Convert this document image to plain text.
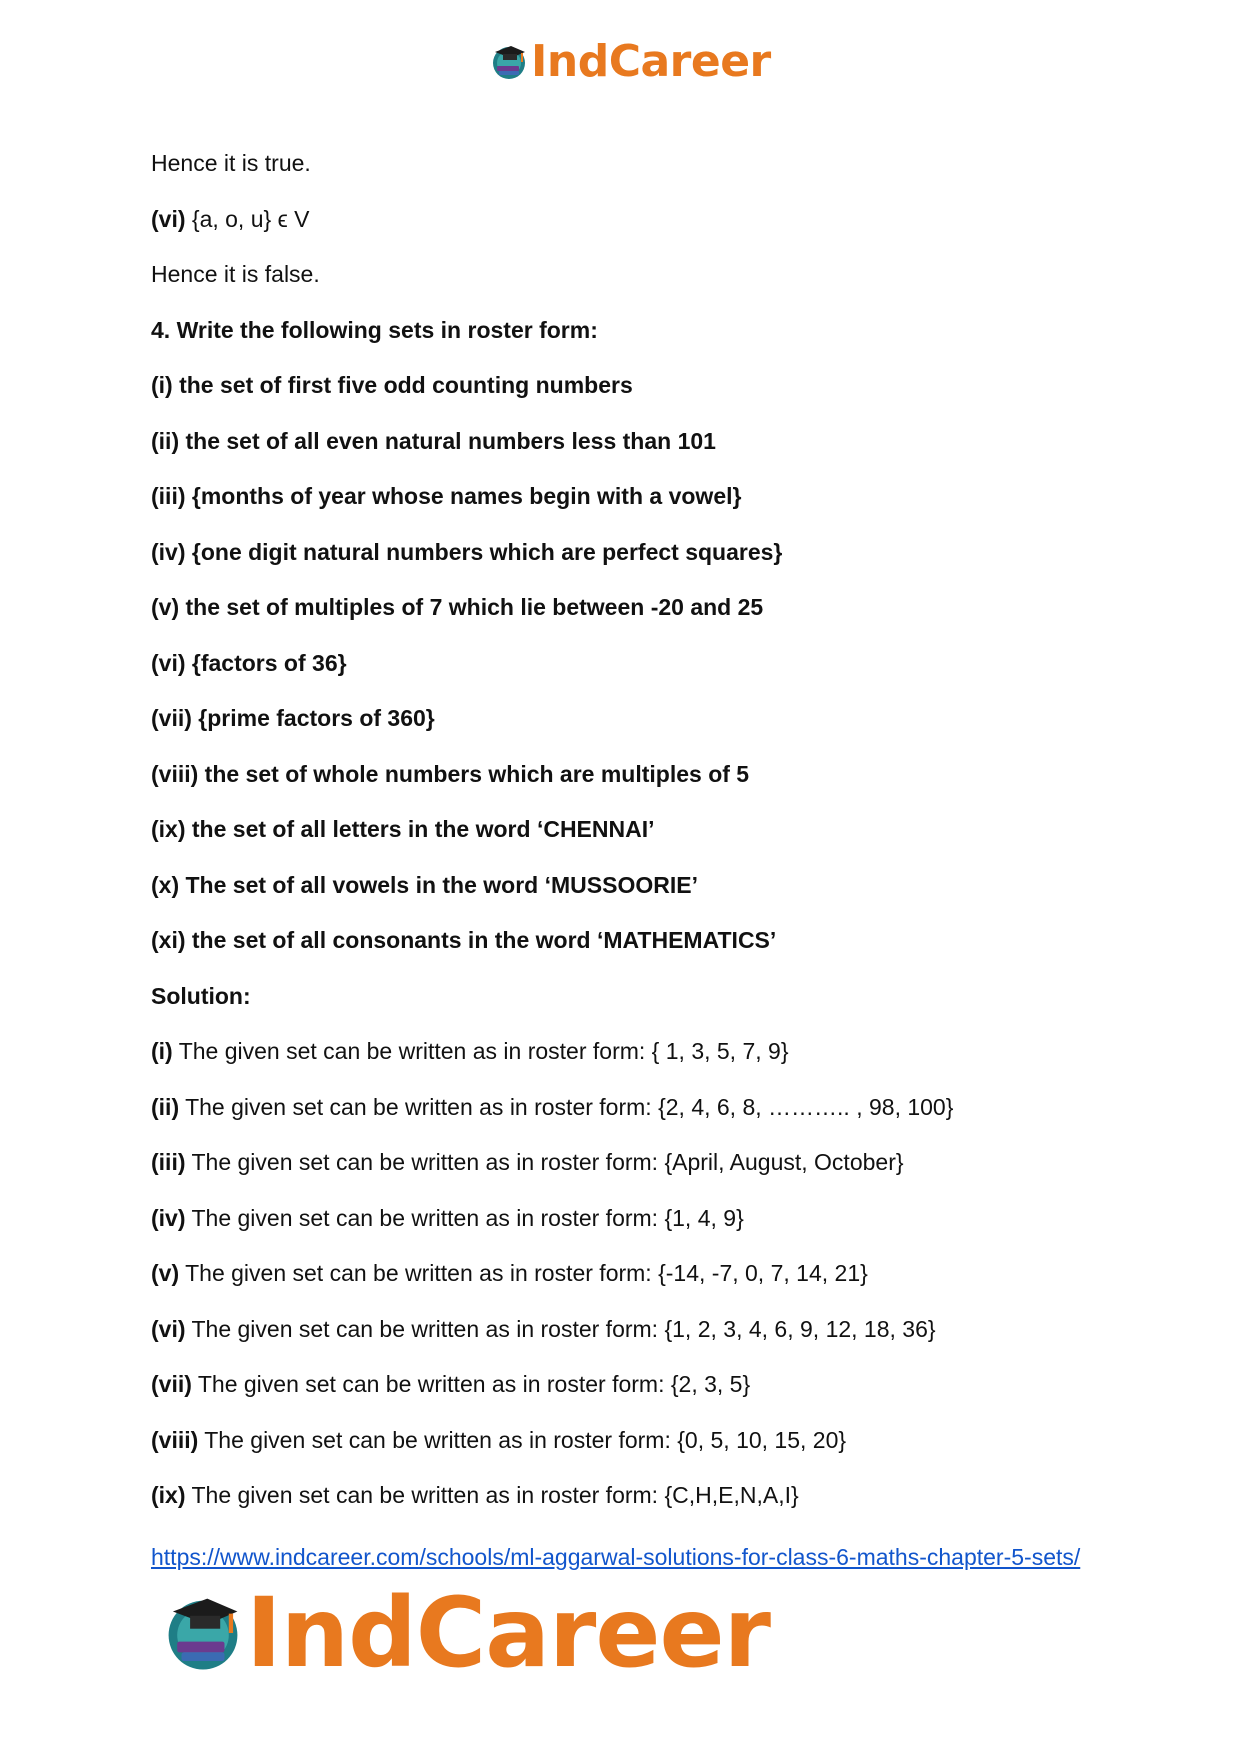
IndCareer
Hence it is true.
(vi) {a, o, u} ϵ V
Hence it is false.
4. Write the following sets in roster form:
(i) the set of first five odd counting numbers
(ii) the set of all even natural numbers less than 101
(iii) {months of year whose names begin with a vowel}
(iv) {one digit natural numbers which are perfect squares}
(v) the set of multiples of 7 which lie between -20 and 25
(vi) {factors of 36}
(vii) {prime factors of 360}
(viii) the set of whole numbers which are multiples of 5
(ix) the set of all letters in the word ‘CHENNAI’
(x) The set of all vowels in the word ‘MUSSOORIE’
(xi) the set of all consonants in the word ‘MATHEMATICS’
Solution:
(i) The given set can be written as in roster form: { 1, 3, 5, 7, 9}
(ii) The given set can be written as in roster form: {2, 4, 6, 8, ……….. , 98, 100}
(iii) The given set can be written as in roster form: {April, August, October}
(iv) The given set can be written as in roster form: {1, 4, 9}
(v) The given set can be written as in roster form: {-14, -7, 0, 7, 14, 21}
(vi) The given set can be written as in roster form: {1, 2, 3, 4, 6, 9, 12, 18, 36}
(vii) The given set can be written as in roster form: {2, 3, 5}
(viii) The given set can be written as in roster form: {0, 5, 10, 15, 20}
(ix) The given set can be written as in roster form: {C,H,E,N,A,I}
https://www.indcareer.com/schools/ml-aggarwal-solutions-for-class-6-maths-chapter-5-sets/
IndCareer
